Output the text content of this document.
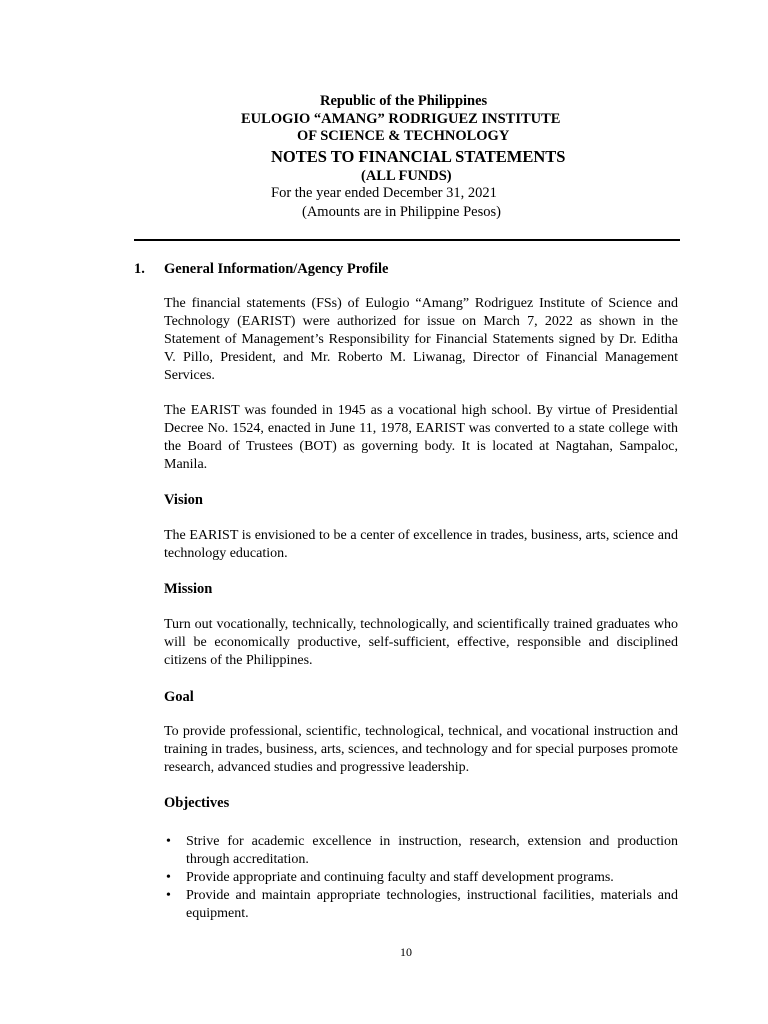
Republic of the Philippines
EULOGIO “AMANG” RODRIGUEZ INSTITUTE
OF SCIENCE & TECHNOLOGY
NOTES TO FINANCIAL STATEMENTS
(ALL FUNDS)
For the year ended December 31, 2021
(Amounts are in Philippine Pesos)
1. General Information/Agency Profile

The financial statements (FSs) of Eulogio “Amang” Rodriguez Institute of Science and Technology (EARIST) were authorized for issue on March 7, 2022 as shown in the Statement of Management’s Responsibility for Financial Statements signed by Dr. Editha V. Pillo, President, and Mr. Roberto M. Liwanag, Director of Financial Management Services.

The EARIST was founded in 1945 as a vocational high school. By virtue of Presidential Decree No. 1524, enacted in June 11, 1978, EARIST was converted to a state college with the Board of Trustees (BOT) as governing body. It is located at Nagtahan, Sampaloc, Manila.

Vision

The EARIST is envisioned to be a center of excellence in trades, business, arts, science and technology education.

Mission

Turn out vocationally, technically, technologically, and scientifically trained graduates who will be economically productive, self-sufficient, effective, responsible and disciplined citizens of the Philippines.

Goal

To provide professional, scientific, technological, technical, and vocational instruction and training in trades, business, arts, sciences, and technology and for special purposes promote research, advanced studies and progressive leadership.

Objectives
• Strive for academic excellence in instruction, research, extension and production through accreditation.
• Provide appropriate and continuing faculty and staff development programs.
• Provide and maintain appropriate technologies, instructional facilities, materials and equipment.
10
